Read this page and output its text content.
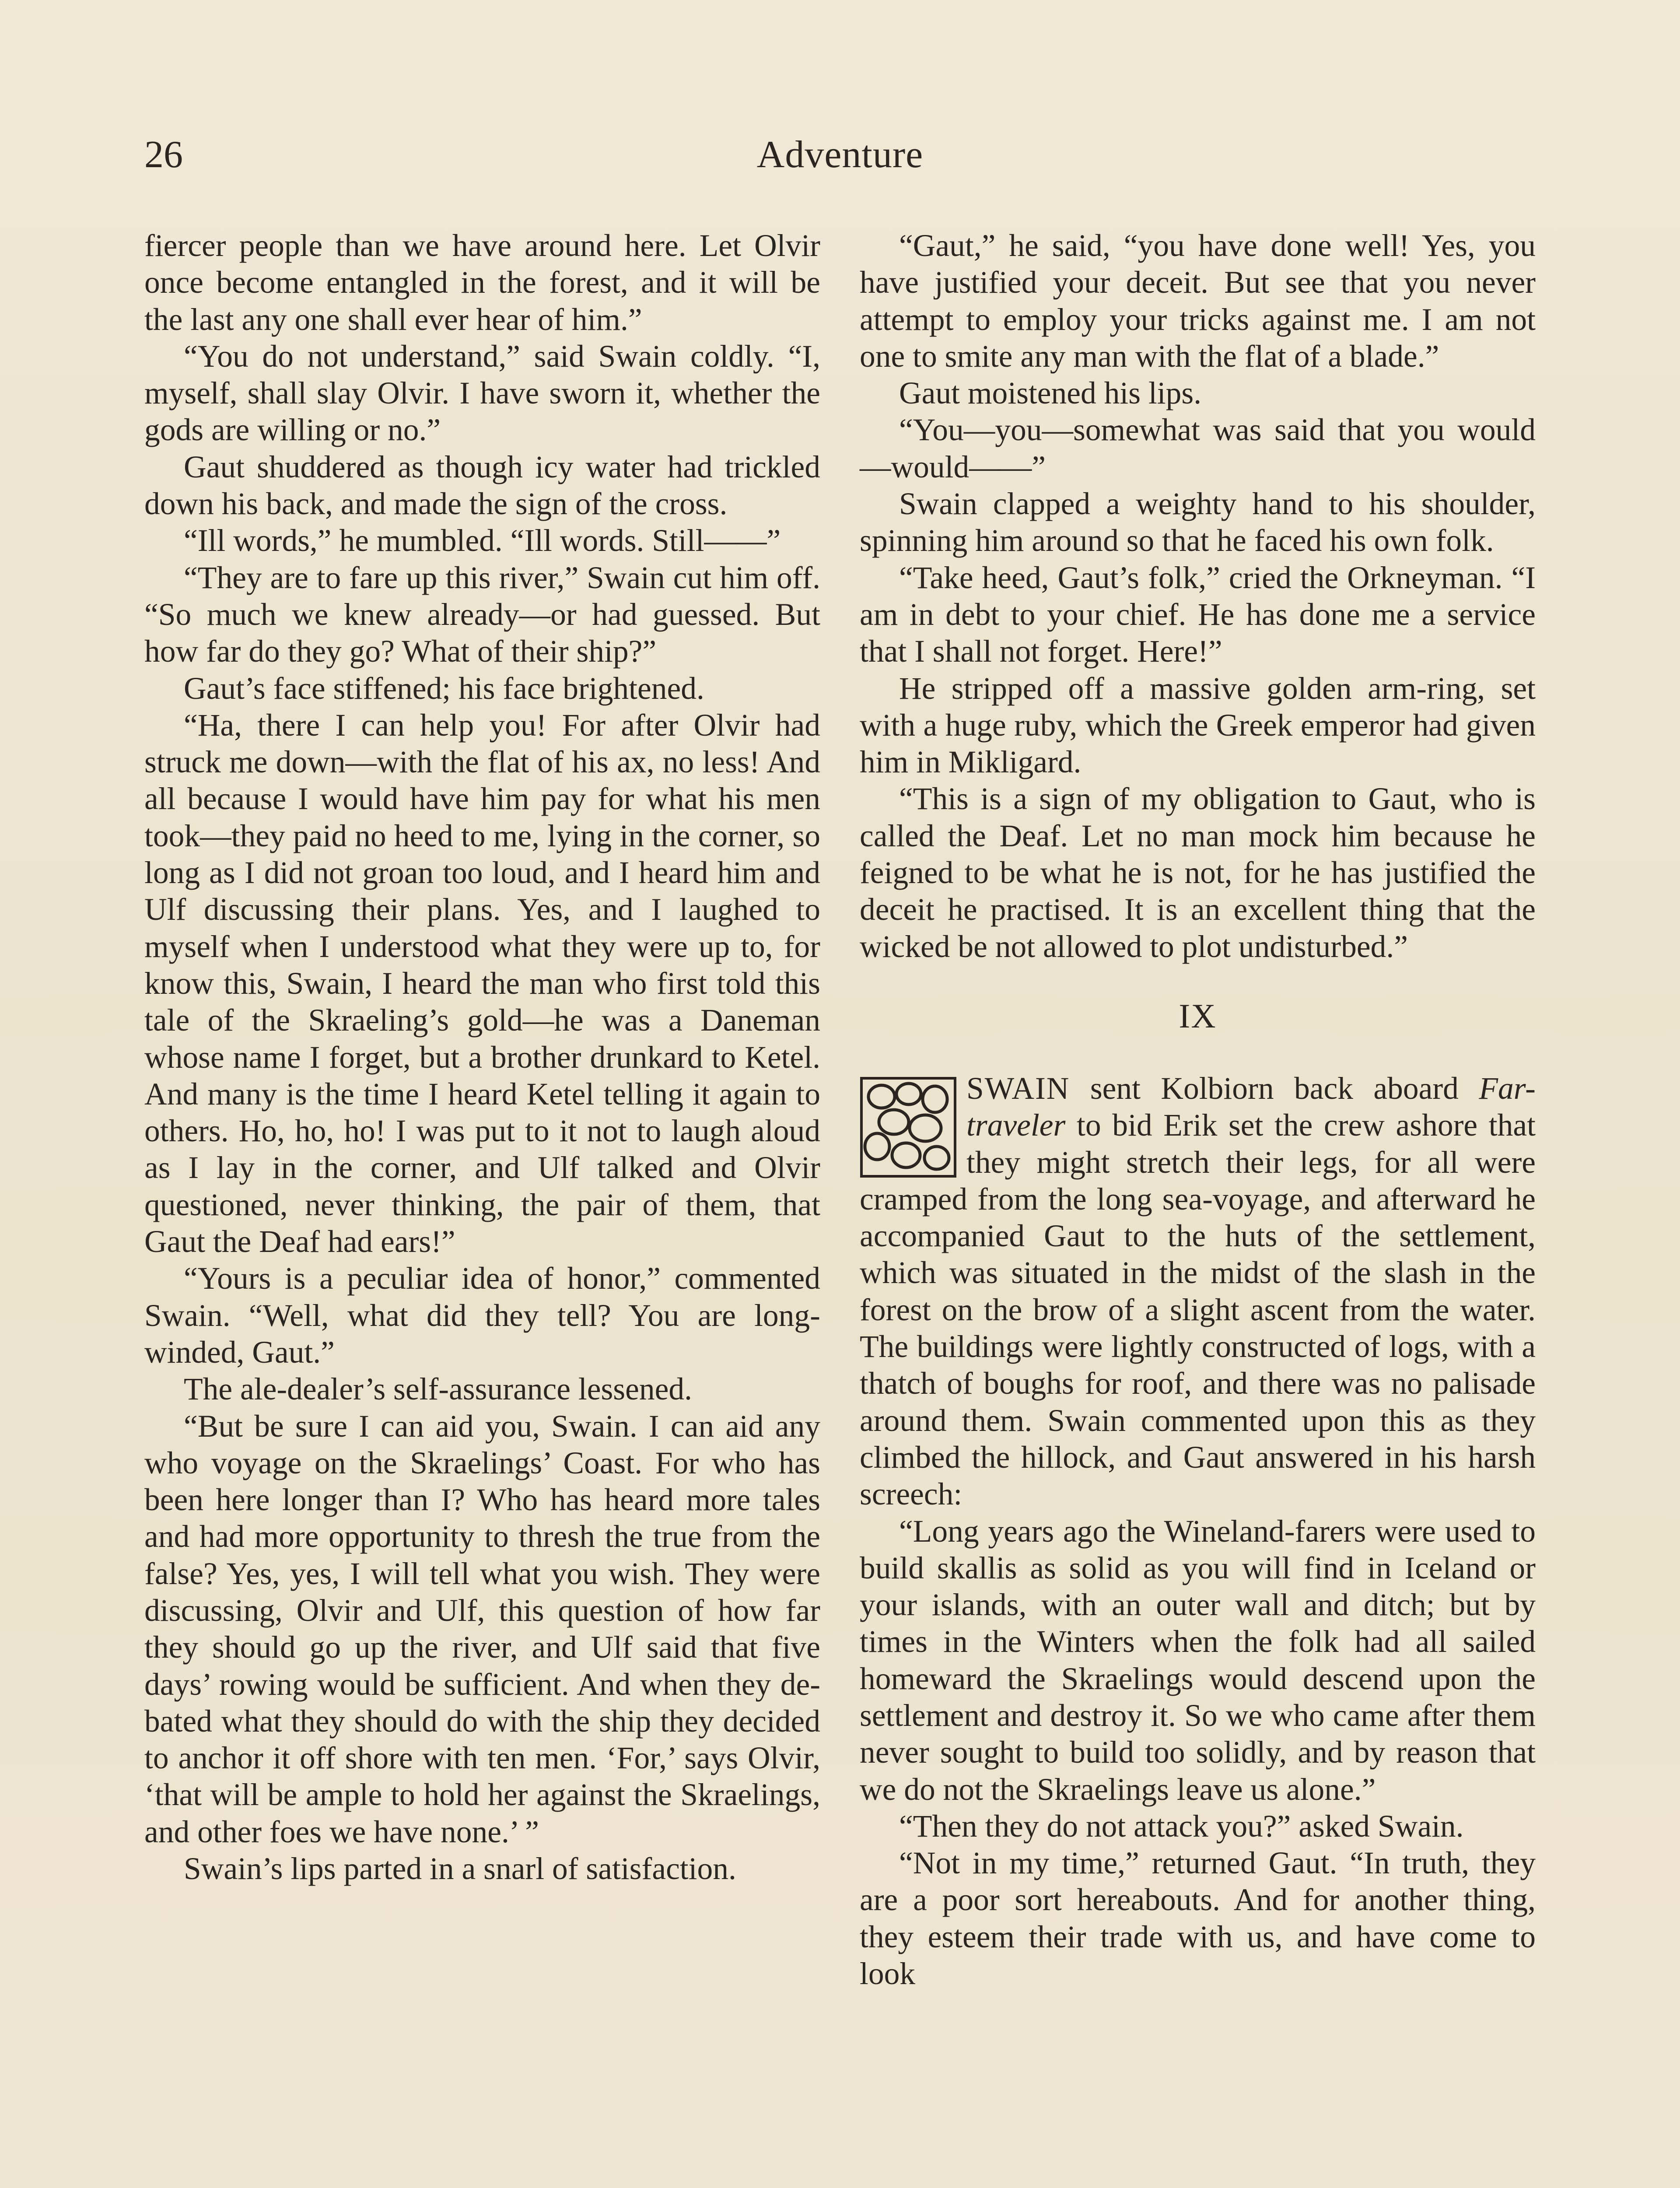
26	Adventure

fiercer people than we have around here. Let Olvir once become entangled in the forest, and it will be the last any one shall ever hear of him.”

“You do not understand,” said Swain coldly. “I, myself, shall slay Olvir. I have sworn it, whether the gods are willing or no.”

Gaut shuddered as though icy water had trickled down his back, and made the sign of the cross.

“Ill words,” he mumbled. “Ill words. Still——”

“They are to fare up this river,” Swain cut him off. “So much we knew already—or had guessed. But how far do they go? What of their ship?”

Gaut’s face stiffened; his face brightened.

“Ha, there I can help you! For after Olvir had struck me down—with the flat of his ax, no less! And all because I would have him pay for what his men took—they paid no heed to me, lying in the corner, so long as I did not groan too loud, and I heard him and Ulf discussing their plans. Yes, and I laughed to myself when I understood what they were up to, for know this, Swain, I heard the man who first told this tale of the Skraeling’s gold—he was a Daneman whose name I forget, but a brother drunkard to Ketel. And many is the time I heard Ketel telling it again to others. Ho, ho, ho! I was put to it not to laugh aloud as I lay in the corner, and Ulf talked and Olvir questioned, never thinking, the pair of them, that Gaut the Deaf had ears!”

“Yours is a peculiar idea of honor,” commented Swain. “Well, what did they tell? You are long-winded, Gaut.”

The ale-dealer’s self-assurance lessened.

“But be sure I can aid you, Swain. I can aid any who voyage on the Skraelings’ Coast. For who has been here longer than I? Who has heard more tales and had more opportunity to thresh the true from the false? Yes, yes, I will tell what you wish. They were discussing, Olvir and Ulf, this question of how far they should go up the river, and Ulf said that five days’ rowing would be sufficient. And when they debated what they should do with the ship they decided to anchor it off shore with ten men. ‘For,’ says Olvir, ‘that will be ample to hold her against the Skraelings, and other foes we have none.’ ”

Swain’s lips parted in a snarl of satisfaction.

“Gaut,” he said, “you have done well! Yes, you have justified your deceit. But see that you never attempt to employ your tricks against me. I am not one to smite any man with the flat of a blade.”

Gaut moistened his lips.

“You—you—somewhat was said that you would—would——”

Swain clapped a weighty hand to his shoulder, spinning him around so that he faced his own folk.

“Take heed, Gaut’s folk,” cried the Orkneyman. “I am in debt to your chief. He has done me a service that I shall not forget. Here!”

He stripped off a massive golden arm-ring, set with a huge ruby, which the Greek emperor had given him in Mikligard.

“This is a sign of my obligation to Gaut, who is called the Deaf. Let no man mock him because he feigned to be what he is not, for he has justified the deceit he practised. It is an excellent thing that the wicked be not allowed to plot undisturbed.”

IX

SWAIN sent Kolbiorn back aboard Far-traveler to bid Erik set the crew ashore that they might stretch their legs, for all were cramped from the long sea-voyage, and afterward he accompanied Gaut to the huts of the settlement, which was situated in the midst of the slash in the forest on the brow of a slight ascent from the water. The buildings were lightly constructed of logs, with a thatch of boughs for roof, and there was no palisade around them. Swain commented upon this as they climbed the hillock, and Gaut answered in his harsh screech:

“Long years ago the Wineland-farers were used to build skallis as solid as you will find in Iceland or your islands, with an outer wall and ditch; but by times in the Winters when the folk had all sailed homeward the Skraelings would descend upon the settlement and destroy it. So we who came after them never sought to build too solidly, and by reason that we do not the Skraelings leave us alone.”

“Then they do not attack you?” asked Swain.

“Not in my time,” returned Gaut. “In truth, they are a poor sort hereabouts. And for another thing, they esteem their trade with us, and have come to look
